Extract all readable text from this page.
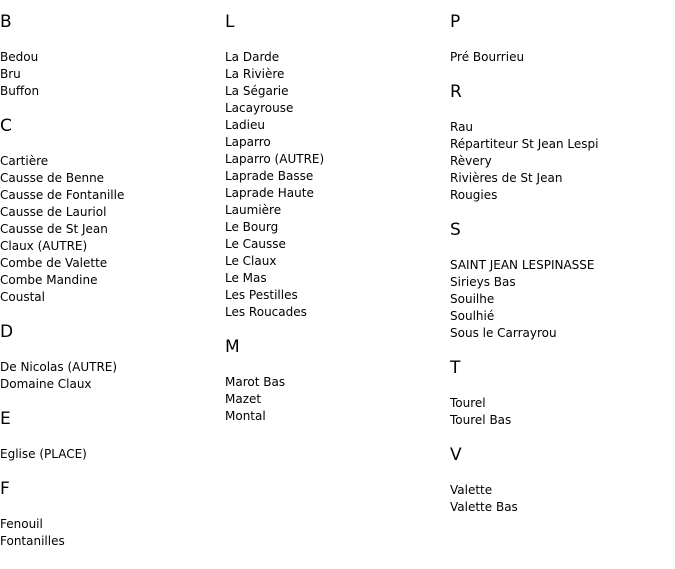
B
Bedou
Bru
Buffon
C
Cartière
Causse de Benne
Causse de Fontanille
Causse de Lauriol
Causse de St Jean
Claux (AUTRE)
Combe de Valette
Combe Mandine
Coustal
D
De Nicolas (AUTRE)
Domaine Claux
E
Eglise (PLACE)
F
Fenouil
Fontanilles
L
La Darde
La Rivière
La Ségarie
Lacayrouse
Ladieu
Laparro
Laparro (AUTRE)
Laprade Basse
Laprade Haute
Laumière
Le Bourg
Le Causse
Le Claux
Le Mas
Les Pestilles
Les Roucades
M
Marot Bas
Mazet
Montal
P
Pré Bourrieu
R
Rau
Répartiteur St Jean Lespi
Rèvery
Rivières de St Jean
Rougies
S
SAINT JEAN LESPINASSE
Sirieys Bas
Souilhe
Soulhié
Sous le Carrayrou
T
Tourel
Tourel Bas
V
Valette
Valette Bas
